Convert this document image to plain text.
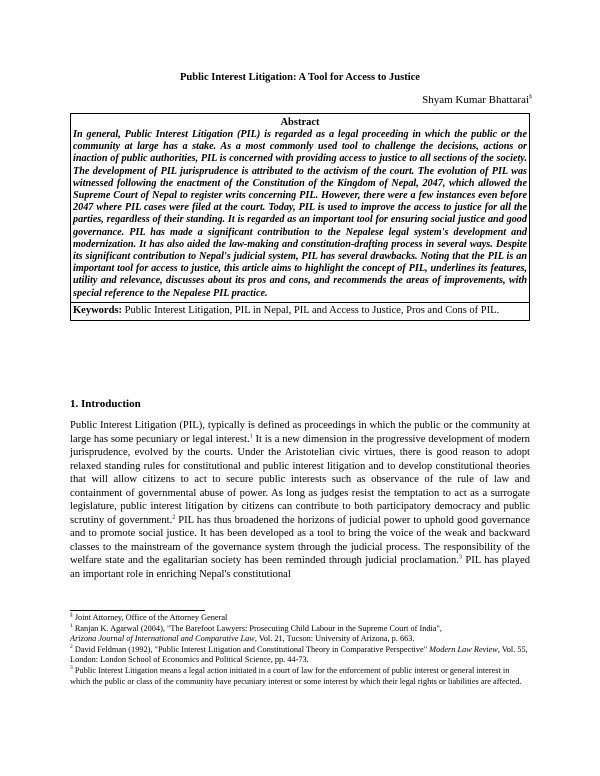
Public Interest Litigation: A Tool for Access to Justice
Shyam Kumar Bhattarai§
Abstract
In general, Public Interest Litigation (PIL) is regarded as a legal proceeding in which the public or the community at large has a stake. As a most commonly used tool to challenge the decisions, actions or inaction of public authorities, PIL is concerned with providing access to justice to all sections of the society. The development of PIL jurisprudence is attributed to the activism of the court. The evolution of PIL was witnessed following the enactment of the Constitution of the Kingdom of Nepal, 2047, which allowed the Supreme Court of Nepal to register writs concerning PIL. However, there were a few instances even before 2047 where PIL cases were filed at the court. Today, PIL is used to improve the access to justice for all the parties, regardless of their standing. It is regarded as an important tool for ensuring social justice and good governance. PIL has made a significant contribution to the Nepalese legal system's development and modernization. It has also aided the law-making and constitution-drafting process in several ways. Despite its significant contribution to Nepal's judicial system, PIL has several drawbacks. Noting that the PIL is an important tool for access to justice, this article aims to highlight the concept of PIL, underlines its features, utility and relevance, discusses about its pros and cons, and recommends the areas of improvements, with special reference to the Nepalese PIL practice.
Keywords: Public Interest Litigation, PIL in Nepal, PIL and Access to Justice, Pros and Cons of PIL.
1. Introduction
Public Interest Litigation (PIL), typically is defined as proceedings in which the public or the community at large has some pecuniary or legal interest.$^1$ It is a new dimension in the progressive development of modern jurisprudence, evolved by the courts. Under the Aristotelian civic virtues, there is good reason to adopt relaxed standing rules for constitutional and public interest litigation and to develop constitutional theories that will allow citizens to act to secure public interests such as observance of the rule of law and containment of governmental abuse of power. As long as judges resist the temptation to act as a surrogate legislature, public interest litigation by citizens can contribute to both participatory democracy and public scrutiny of government.$^2$ PIL has thus broadened the horizons of judicial power to uphold good governance and to promote social justice. It has been developed as a tool to bring the voice of the weak and backward classes to the mainstream of the governance system through the judicial process. The responsibility of the welfare state and the egalitarian society has been reminded through judicial proclamation.$^3$ PIL has played an important role in enriching Nepal's constitutional

§ Joint Attorney, Office of the Attorney General

$^1$ Ranjan K. Agarwal (2004), "The Barefoot Lawyers: Prosecuting Child Labour in the Supreme Court of India",
Arizona Journal of International and Comparative Law, Vol. 21, Tucson: University of Arizona, p. 663.

$^2$ David Feldman (1992), "Public Interest Litigation and Constitutional Theory in Comparative Perspective" Modern Law Review, Vol. 55, London: London School of Economics and Political Science, pp. 44-73.

$^3$ Public Interest Litigation means a legal action initiated in a court of law for the enforcement of public interest or general interest in which the public or class of the community have pecuniary interest or some interest by which their legal rights or liabilities are affected.
